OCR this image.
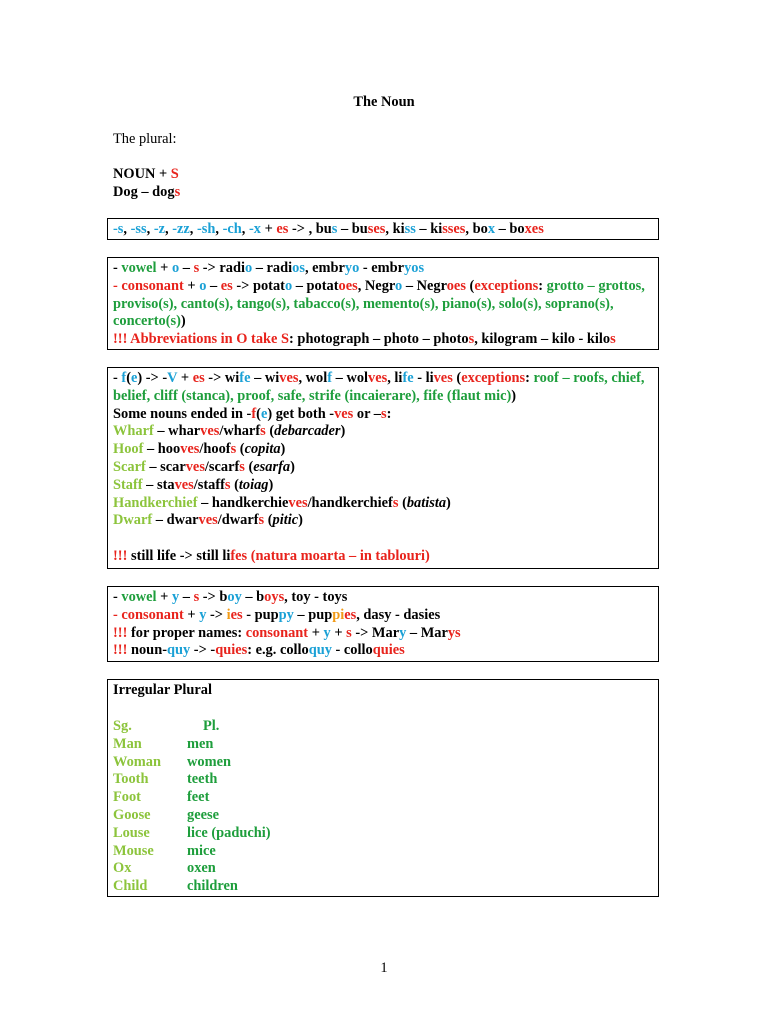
The Noun
The plural:
NOUN + S
Dog – dogs
-s, -ss, -z, -zz, -sh, -ch, -x + es -> , bus – buses, kiss – kisses, box – boxes
- vowel + o – s -> radio – radios, embryo - embryos
- consonant + o – es -> potato – potatoes, Negro – Negroes (exceptions: grotto – grottos, proviso(s), canto(s), tango(s), tabacco(s), memento(s), piano(s), solo(s), soprano(s), concerto(s))
!!! Abbreviations in O take S: photograph – photo – photos, kilogram – kilo - kilos
- f(e) -> -V + es -> wife – wives, wolf – wolves, life - lives (exceptions: roof – roofs, chief, belief, cliff (stanca), proof, safe, strife (incaierare), fife (flaut mic))
Some nouns ended in -f(e) get both -ves or –s:
Wharf – wharves/wharfs (debarcader)
Hoof – hooves/hoofs (copita)
Scarf – scarves/scarfs (esarfa)
Staff – staves/staffs (toiag)
Handkerchief – handkerchieves/handkerchiefs (batista)
Dwarf – dwarves/dwarfs (pitic)
!!! still life -> still lifes (natura moarta – in tablouri)
- vowel + y – s -> boy – boys, toy - toys
- consonant + y -> ies - puppy – puppies, dasy - dasies
!!! for proper names: consonant + y + s -> Mary – Marys
!!! noun-quy -> -quies: e.g. colloquy - colloquies
Irregular Plural
Sg.	Pl.
Man	men
Woman women
Tooth	teeth
Foot	feet
Goose	geese
Louse	lice (paduchi)
Mouse mice
Ox	oxen
Child	children
1
